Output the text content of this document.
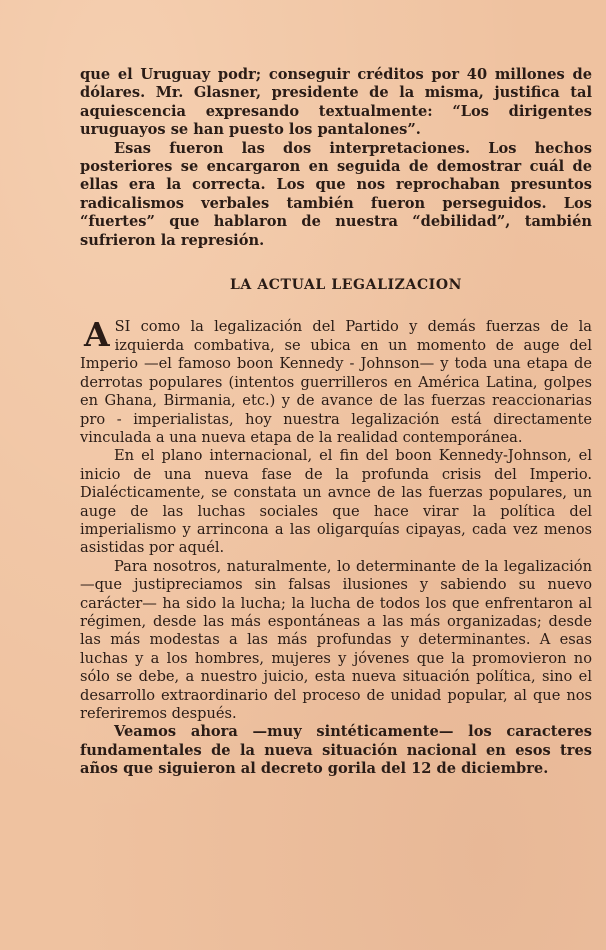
que el Uruguay podr; conseguir créditos por 40 millones de dólares. Mr. Glasner, presidente de la misma, justifica tal aquiescencia expresando textualmente: “Los dirigentes uruguayos se han puesto los pantalones”.

Esas fueron las dos interpretaciones. Los hechos posteriores se encargaron en seguida de demostrar cuál de ellas era la correcta. Los que nos reprochaban presuntos radicalismos verbales también fueron perseguidos. Los “fuertes” que hablaron de nuestra “debilidad”, también sufrieron la represión.

LA ACTUAL LEGALIZACION

ASI como la legalización del Partido y demás fuerzas de la izquierda combativa, se ubica en un momento de auge del Imperio —el famoso boon Kennedy - Johnson— y toda una etapa de derrotas populares (intentos guerrilleros en América Latina, golpes en Ghana, Birmania, etc.) y de avance de las fuerzas reaccionarias pro - imperialistas, hoy nuestra legalización está directamente vinculada a una nueva etapa de la realidad contemporánea.

En el plano internacional, el fin del boon Kennedy-Johnson, el inicio de una nueva fase de la profunda crisis del Imperio. Dialécticamente, se constata un avnce de las fuerzas populares, un auge de las luchas sociales que hace virar la política del imperialismo y arrincona a las oligarquías cipayas, cada vez menos asistidas por aquél.

Para nosotros, naturalmente, lo determinante de la legalización —que justipreciamos sin falsas ilusiones y sabiendo su nuevo carácter— ha sido la lucha; la lucha de todos los que enfrentaron al régimen, desde las más espontáneas a las más organizadas; desde las más modestas a las más profundas y determinantes. A esas luchas y a los hombres, mujeres y jóvenes que la promovieron no sólo se debe, a nuestro juicio, esta nueva situación política, sino el desarrollo extraordinario del proceso de unidad popular, al que nos referiremos después.

Veamos ahora —muy sintéticamente— los caracteres fundamentales de la nueva situación nacional en esos tres años que siguieron al decreto gorila del 12 de diciembre.
